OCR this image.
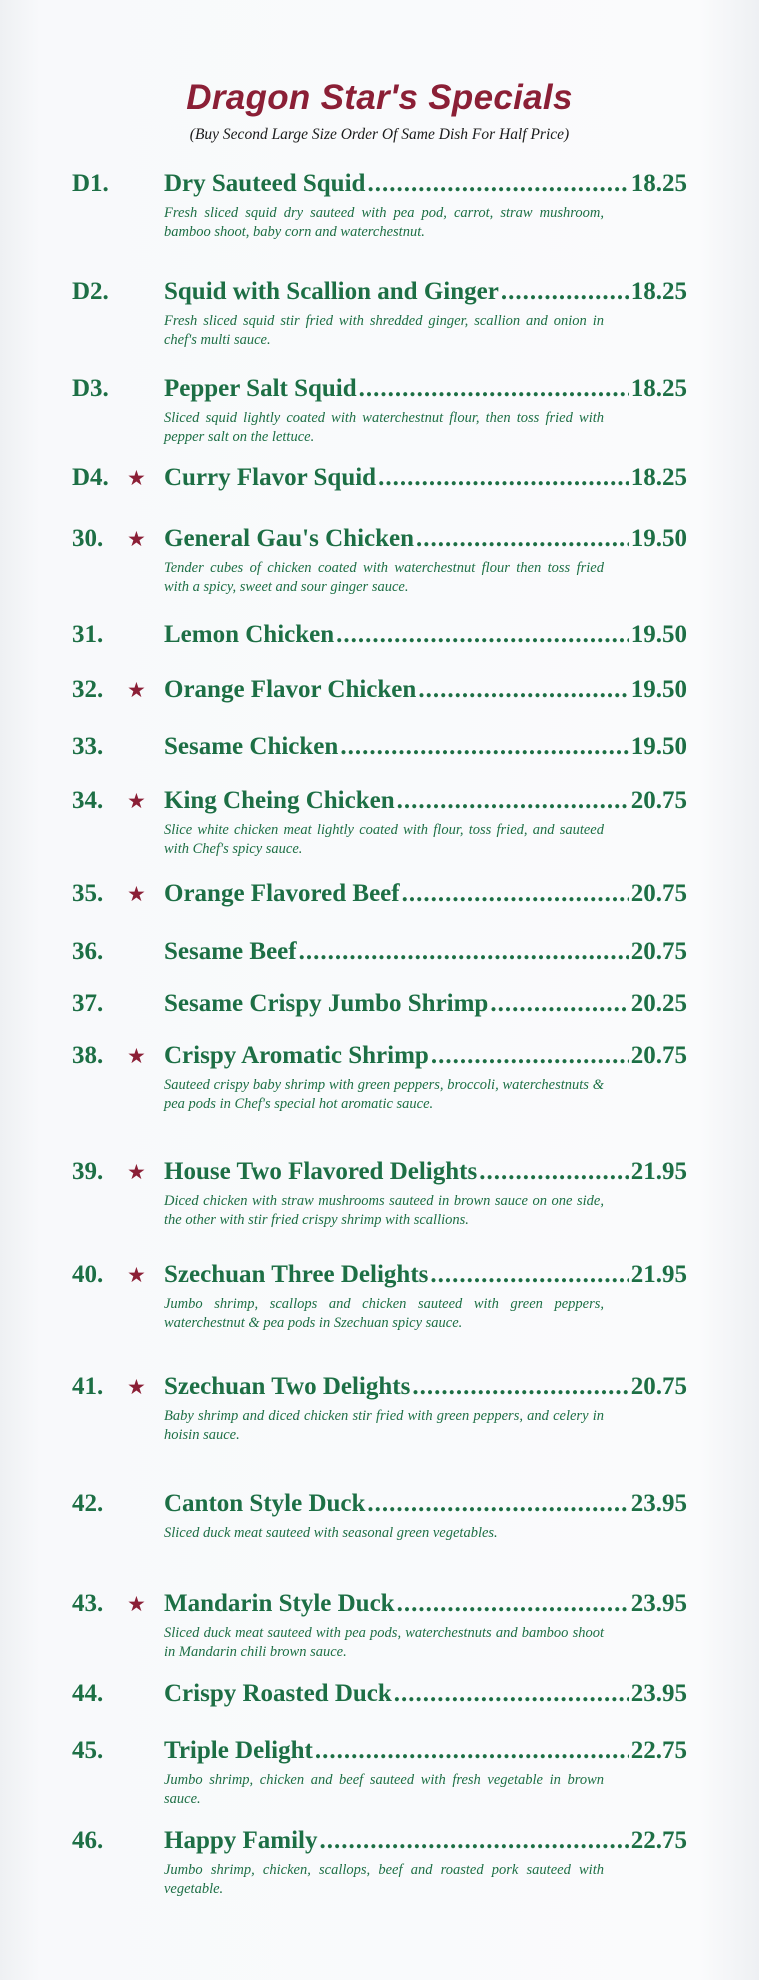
Dragon Star's Specials
(Buy Second Large Size Order Of Same Dish For Half Price)
D1. Dry Sauteed Squid .....	18.25
Fresh sliced squid dry sauteed with pea pod, carrot, straw mushroom, bamboo shoot, baby corn and waterchestnut.
D2. Squid with Scallion and Ginger .....	18.25
Fresh sliced squid stir fried with shredded ginger, scallion and onion in chef's multi sauce.
D3. Pepper Salt Squid .....	18.25
Sliced squid lightly coated with waterchestnut flour, then toss fried with pepper salt on the lettuce.
D4. ★ Curry Flavor Squid .....	18.25
30. ★ General Gau's Chicken .....	19.50
Tender cubes of chicken coated with waterchestnut flour then toss fried with a spicy, sweet and sour ginger sauce.
31. Lemon Chicken .....	19.50
32. ★ Orange Flavor Chicken .....	19.50
33. Sesame Chicken .....	19.50
34. ★ King Cheing Chicken .....	20.75
Slice white chicken meat lightly coated with flour, toss fried, and sauteed with Chef's spicy sauce.
35. ★ Orange Flavored Beef .....	20.75
36. Sesame Beef .....	20.75
37. Sesame Crispy Jumbo Shrimp .....	20.25
38. ★ Crispy Aromatic Shrimp .....	20.75
Sauteed crispy baby shrimp with green peppers, broccoli, waterchestnuts & pea pods in Chef's special hot aromatic sauce.
39. ★ House Two Flavored Delights .....	21.95
Diced chicken with straw mushrooms sauteed in brown sauce on one side, the other with stir fried crispy shrimp with scallions.
40. ★ Szechuan Three Delights .....	21.95
Jumbo shrimp, scallops and chicken sauteed with green peppers, waterchestnut & pea pods in Szechuan spicy sauce.
41. ★ Szechuan Two Delights .....	20.75
Baby shrimp and diced chicken stir fried with green peppers, and celery in hoisin sauce.
42. Canton Style Duck .....	23.95
Sliced duck meat sauteed with seasonal green vegetables.
43. ★ Mandarin Style Duck .....	23.95
Sliced duck meat sauteed with pea pods, waterchestnuts and bamboo shoot in Mandarin chili brown sauce.
44. Crispy Roasted Duck .....	23.95
45. Triple Delight .....	22.75
Jumbo shrimp, chicken and beef sauteed with fresh vegetable in brown sauce.
46. Happy Family .....	22.75
Jumbo shrimp, chicken, scallops, beef and roasted pork sauteed with vegetable.
